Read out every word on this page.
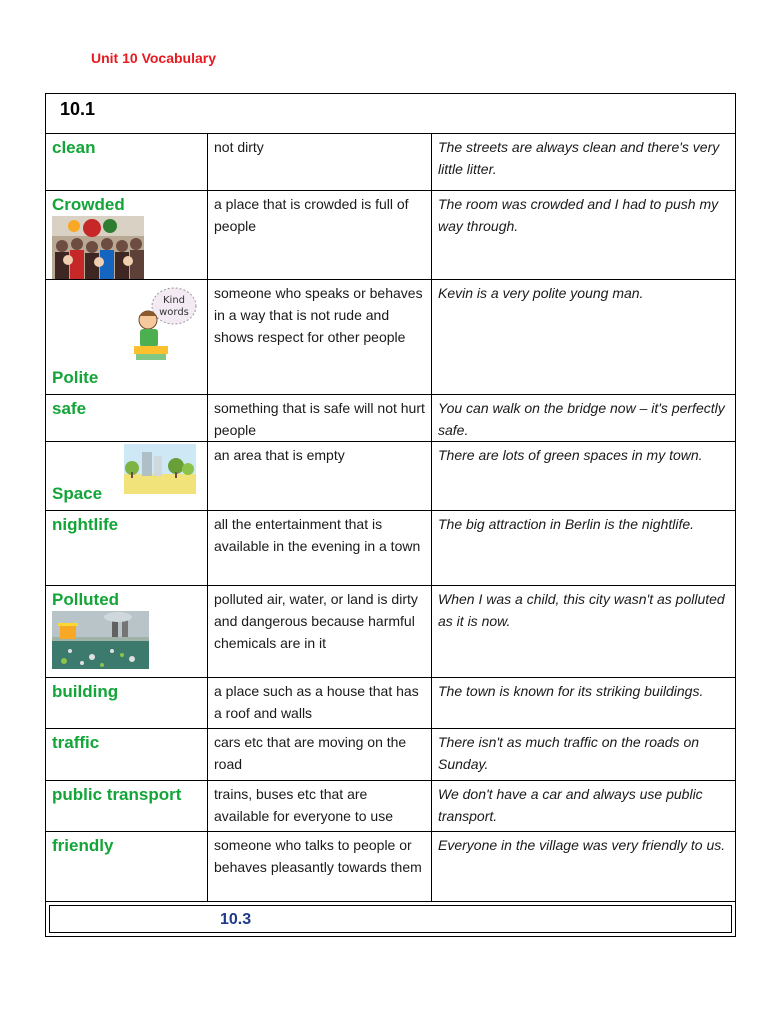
Unit 10 Vocabulary
10.1		
clean	not dirty	The streets are always clean and there's very little litter.
Crowded	a place that is crowded is full of people	The room was crowded and I had to push my way through.

Kind
words
Polite	someone who speaks or behaves in a way that is not rude and shows respect for other people	Kevin is a very polite young man.
safe	something that is safe will not hurt people	You can walk on the bridge now – it's perfectly safe.

Space	an area that is empty	There are lots of green spaces in my town.
nightlife	all the entertainment that is available in the evening in a town	The big attraction in Berlin is the nightlife.
Polluted	polluted air, water, or land is dirty and dangerous because harmful chemicals are in it	When I was a child, this city wasn't as polluted as it is now.
building	a place such as a house that has a roof and walls	The town is known for its striking buildings.
traffic	cars etc that are moving on the road	There isn't as much traffic on the roads on Sunday.
public transport	trains, buses etc that are available for everyone to use	We don't have a car and always use public transport.
friendly	someone who talks to people or behaves pleasantly towards them	Everyone in the village was very friendly to us.

10.3		
